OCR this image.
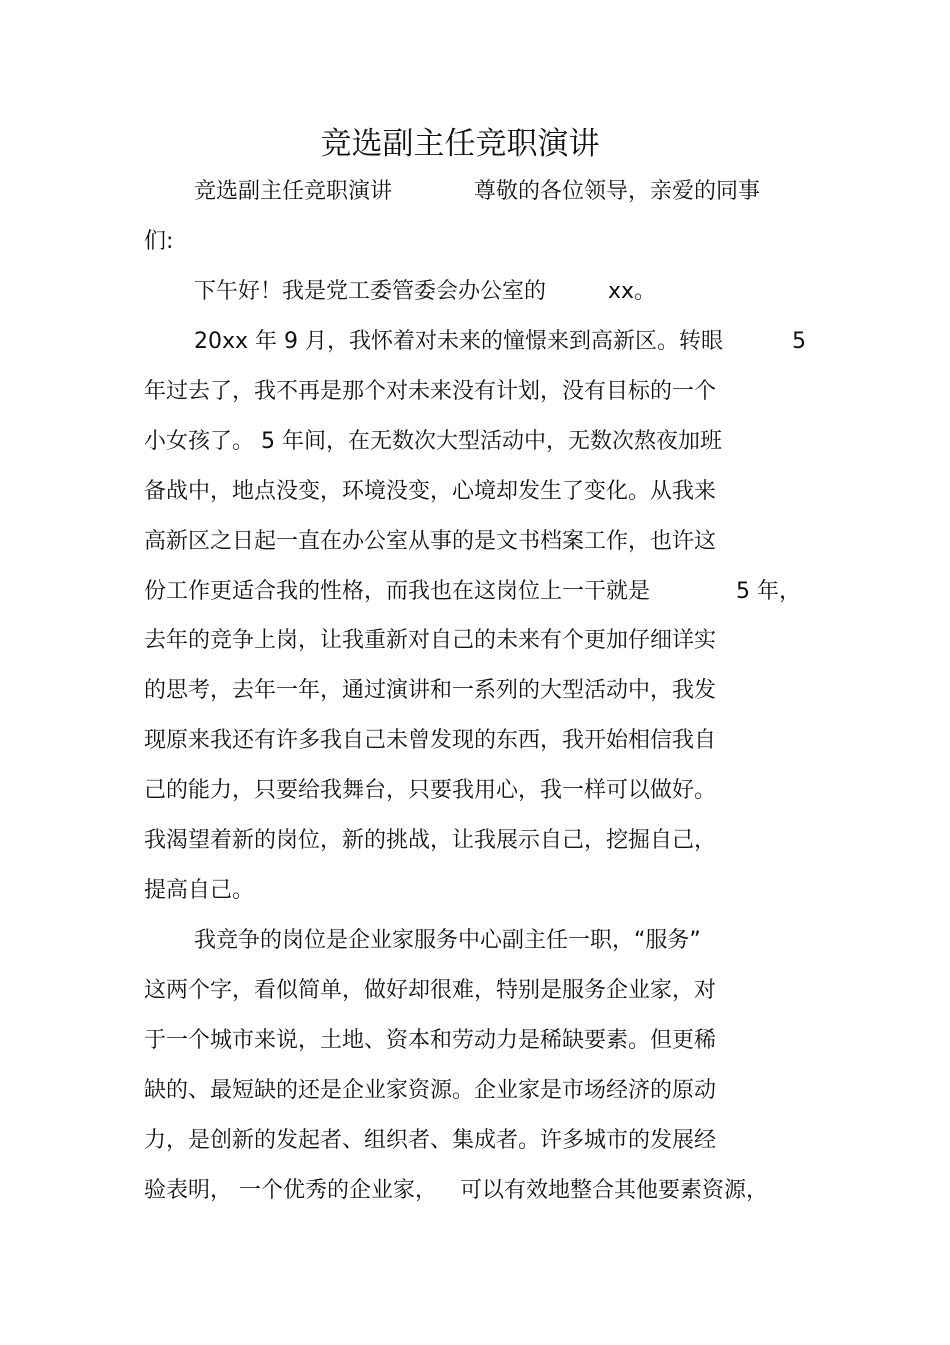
竞选副主任竞职演讲
竞选副主任竞职演讲	尊敬的各位领导，亲爱的同事
们:
下午好！我是党工委管委会办公室的	xx。
20xx 年 9 月，我怀着对未来的憧憬来到高新区。转眼	5
年过去了，我不再是那个对未来没有计划，没有目标的一个
小女孩了。 5 年间，在无数次大型活动中，无数次熬夜加班
备战中，地点没变，环境没变，心境却发生了变化。从我来
高新区之日起一直在办公室从事的是文书档案工作，也许这
份工作更适合我的性格，而我也在这岗位上一干就是	5 年，
去年的竞争上岗，让我重新对自己的未来有个更加仔细详实
的思考，去年一年，通过演讲和一系列的大型活动中，我发
现原来我还有许多我自己未曾发现的东西，我开始相信我自
己的能力，只要给我舞台，只要我用心，我一样可以做好。
我渴望着新的岗位，新的挑战，让我展示自己，挖掘自己，
提高自己。
我竞争的岗位是企业家服务中心副主任一职，“服务”
这两个字，看似简单，做好却很难，特别是服务企业家，对
于一个城市来说，土地、资本和劳动力是稀缺要素。但更稀
缺的、最短缺的还是企业家资源。企业家是市场经济的原动
力，是创新的发起者、组织者、集成者。许多城市的发展经
验表明， 一个优秀的企业家， 可以有效地整合其他要素资源，
